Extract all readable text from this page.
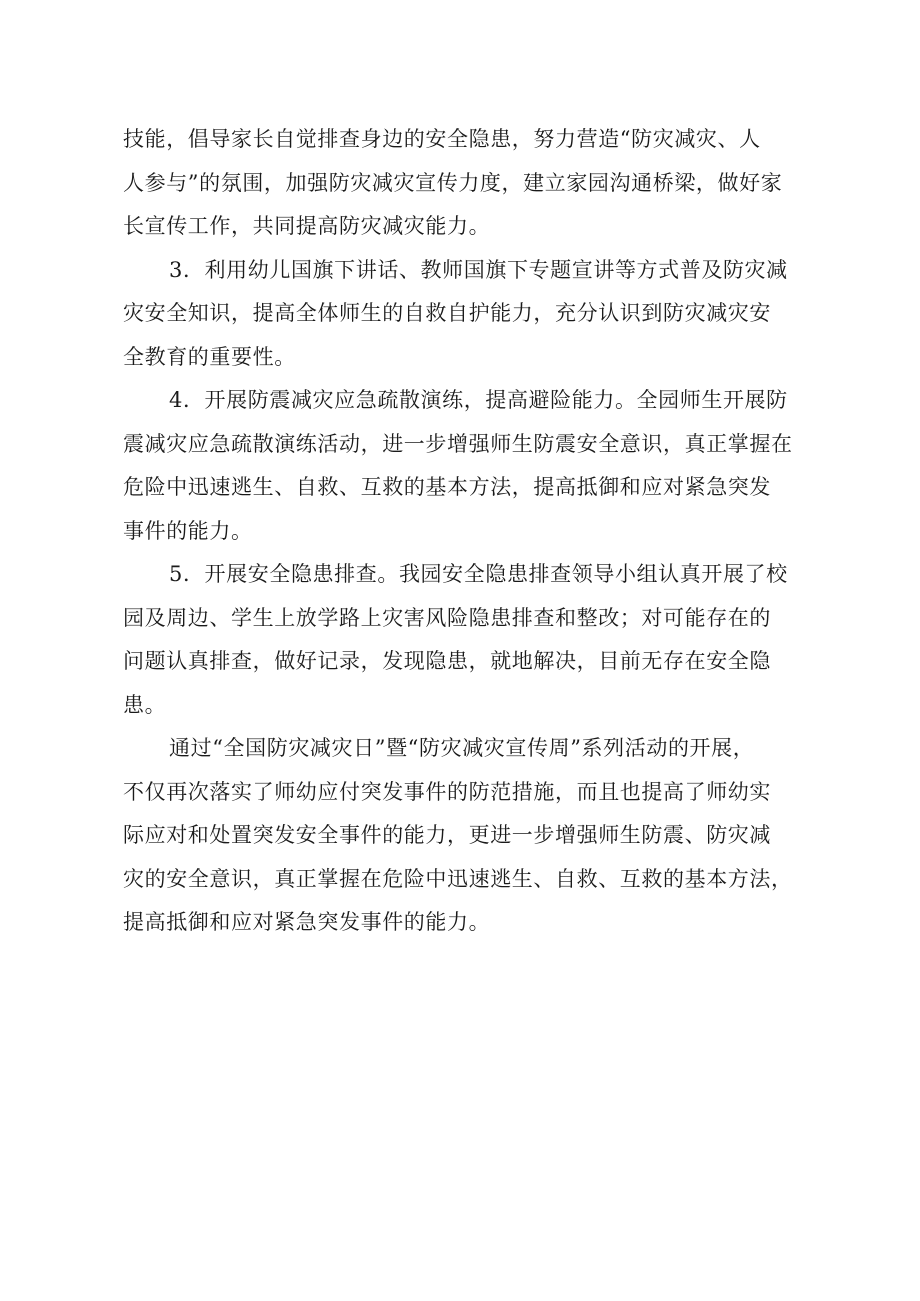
技能，倡导家长自觉排查身边的安全隐患，努力营造“防灾减灾、人
人参与”的氛围，加强防灾减灾宣传力度，建立家园沟通桥梁，做好家
长宣传工作，共同提高防灾减灾能力。
3．利用幼儿国旗下讲话、教师国旗下专题宣讲等方式普及防灾减
灾安全知识，提高全体师生的自救自护能力，充分认识到防灾减灾安
全教育的重要性。
4．开展防震减灾应急疏散演练，提高避险能力。全园师生开展防
震减灾应急疏散演练活动，进一步增强师生防震安全意识，真正掌握在
危险中迅速逃生、自救、互救的基本方法，提高抵御和应对紧急突发
事件的能力。
5．开展安全隐患排查。我园安全隐患排查领导小组认真开展了校
园及周边、学生上放学路上灾害风险隐患排查和整改；对可能存在的
问题认真排查，做好记录，发现隐患，就地解决，目前无存在安全隐
患。
通过“全国防灾减灾日”暨“防灾减灾宣传周”系列活动的开展，
不仅再次落实了师幼应付突发事件的防范措施，而且也提高了师幼实
际应对和处置突发安全事件的能力，更进一步增强师生防震、防灾减
灾的安全意识，真正掌握在危险中迅速逃生、自救、互救的基本方法，
提高抵御和应对紧急突发事件的能力。
